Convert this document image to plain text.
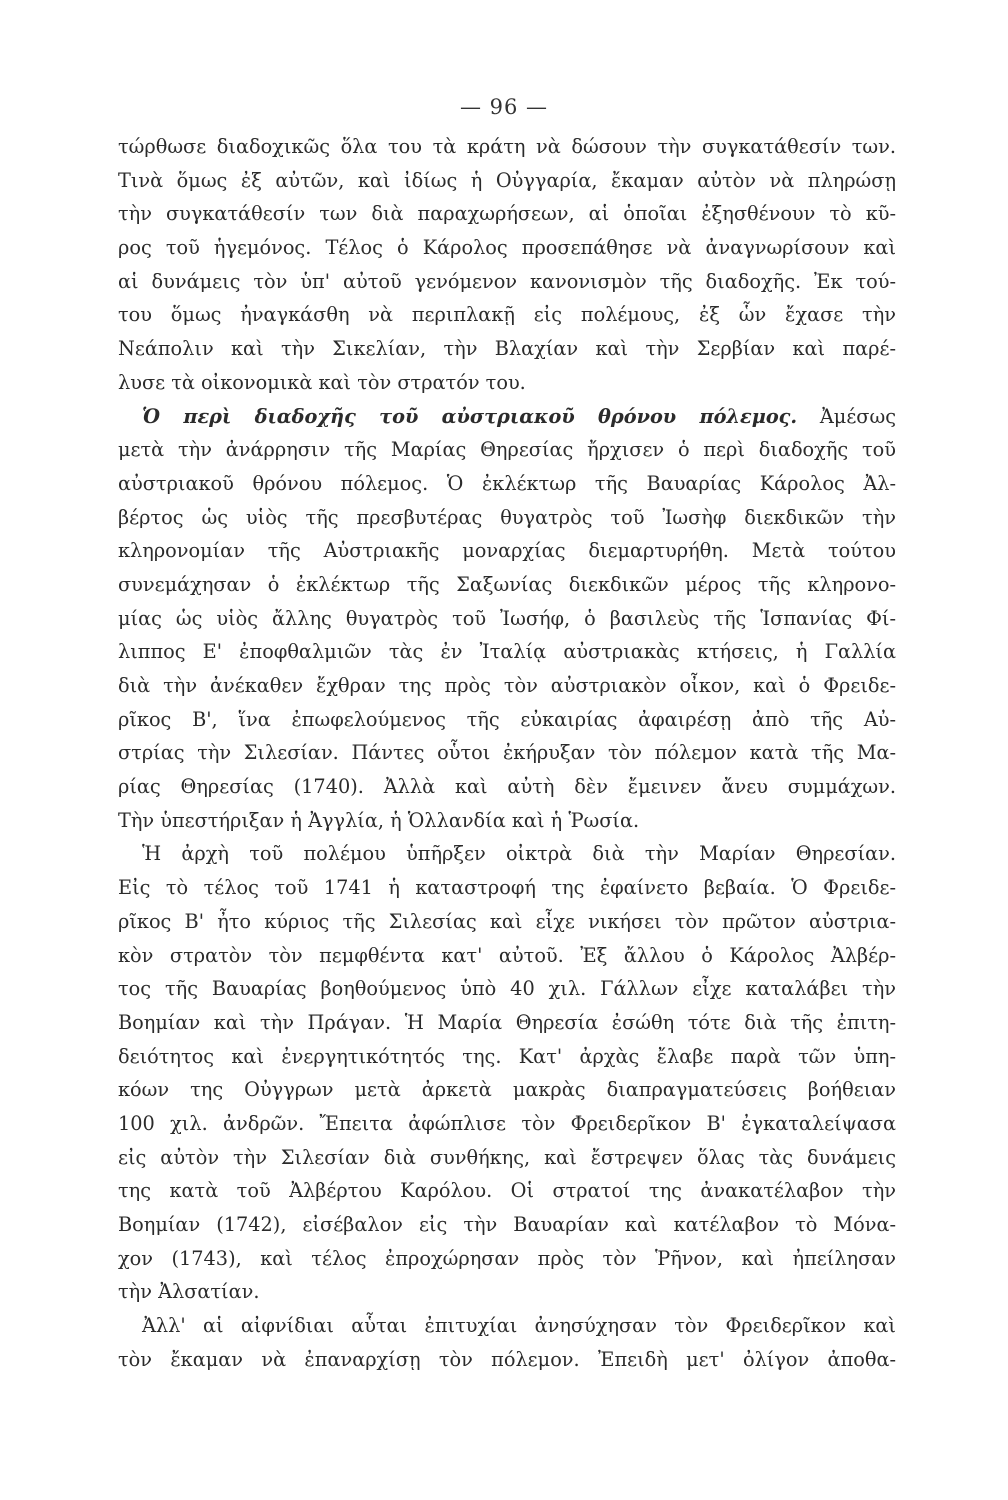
— 96 —
τώρθωσε διαδοχικῶς ὅλα του τὰ κράτη νὰ δώσουν τὴν συγκατάθεσίν των.
Τινὰ ὅμως ἐξ αὐτῶν, καὶ ἰδίως ἡ Οὐγγαρία, ἔκαμαν αὐτὸν νὰ πληρώσῃ
τὴν συγκατάθεσίν των διὰ παραχωρήσεων, αἱ ὁποῖαι ἐξησθένουν τὸ κῦ-
ρος τοῦ ἡγεμόνος. Τέλος ὁ Κάρολος προσεπάθησε νὰ ἀναγνωρίσουν καὶ
αἱ δυνάμεις τὸν ὑπ' αὐτοῦ γενόμενον κανονισμὸν τῆς διαδοχῆς. Ἐκ τού-
του ὅμως ἠναγκάσθη νὰ περιπλακῇ εἰς πολέμους, ἐξ ὧν ἔχασε τὴν
Νεάπολιν καὶ τὴν Σικελίαν, τὴν Βλαχίαν καὶ τὴν Σερβίαν καὶ παρέ-
λυσε τὰ οἰκονομικὰ καὶ τὸν στρατόν του.
Ὁ περὶ διαδοχῆς τοῦ αὐστριακοῦ θρόνου πόλεμος. Ἀμέσως
μετὰ τὴν ἀνάρρησιν τῆς Μαρίας Θηρεσίας ἤρχισεν ὁ περὶ διαδοχῆς τοῦ
αὐστριακοῦ θρόνου πόλεμος. Ὁ ἐκλέκτωρ τῆς Βαυαρίας Κάρολος Ἀλ-
βέρτος ὡς υἱὸς τῆς πρεσβυτέρας θυγατρὸς τοῦ Ἰωσὴφ διεκδικῶν τὴν
κληρονομίαν τῆς Αὐστριακῆς μοναρχίας διεμαρτυρήθη. Μετὰ τούτου
συνεμάχησαν ὁ ἐκλέκτωρ τῆς Σαξωνίας διεκδικῶν μέρος τῆς κληρονο-
μίας ὡς υἱὸς ἄλλης θυγατρὸς τοῦ Ἰωσήφ, ὁ βασιλεὺς τῆς Ἱσπανίας Φί-
λιππος Ε' ἐποφθαλμιῶν τὰς ἐν Ἰταλίᾳ αὐστριακὰς κτήσεις, ἡ Γαλλία
διὰ τὴν ἀνέκαθεν ἔχθραν της πρὸς τὸν αὐστριακὸν οἶκον, καὶ ὁ Φρειδε-
ρῖκος Β', ἵνα ἐπωφελούμενος τῆς εὐκαιρίας ἀφαιρέσῃ ἀπὸ τῆς Αὐ-
στρίας τὴν Σιλεσίαν. Πάντες οὗτοι ἐκήρυξαν τὸν πόλεμον κατὰ τῆς Μα-
ρίας Θηρεσίας (1740). Ἀλλὰ καὶ αὐτὴ δὲν ἔμεινεν ἄνευ συμμάχων.
Τὴν ὑπεστήριξαν ἡ Ἀγγλία, ἡ Ὁλλανδία καὶ ἡ Ῥωσία.
Ἡ ἀρχὴ τοῦ πολέμου ὑπῆρξεν οἰκτρὰ διὰ τὴν Μαρίαν Θηρεσίαν.
Εἰς τὸ τέλος τοῦ 1741 ἡ καταστροφή της ἐφαίνετο βεβαία. Ὁ Φρειδε-
ρῖκος Β' ἦτο κύριος τῆς Σιλεσίας καὶ εἶχε νικήσει τὸν πρῶτον αὐστρια-
κὸν στρατὸν τὸν πεμφθέντα κατ' αὐτοῦ. Ἐξ ἄλλου ὁ Κάρολος Ἀλβέρ-
τος τῆς Βαυαρίας βοηθούμενος ὑπὸ 40 χιλ. Γάλλων εἶχε καταλάβει τὴν
Βοημίαν καὶ τὴν Πράγαν. Ἡ Μαρία Θηρεσία ἐσώθη τότε διὰ τῆς ἐπιτη-
δειότητος καὶ ἐνεργητικότητός της. Κατ' ἀρχὰς ἔλαβε παρὰ τῶν ὑπη-
κόων της Οὐγγρων μετὰ ἀρκετὰ μακρὰς διαπραγματεύσεις βοήθειαν
100 χιλ. ἀνδρῶν. Ἔπειτα ἀφώπλισε τὸν Φρειδερῖκον Β' ἐγκαταλείψασα
εἰς αὐτὸν τὴν Σιλεσίαν διὰ συνθήκης, καὶ ἔστρεψεν ὅλας τὰς δυνάμεις
της κατὰ τοῦ Ἀλβέρτου Καρόλου. Οἱ στρατοί της ἀνακατέλαβον τὴν
Βοημίαν (1742), εἰσέβαλον εἰς τὴν Βαυαρίαν καὶ κατέλαβον τὸ Μόνα-
χον (1743), καὶ τέλος ἐπροχώρησαν πρὸς τὸν Ῥῆνον, καὶ ἠπείλησαν
τὴν Ἀλσατίαν.
Ἀλλ' αἱ αἰφνίδιαι αὗται ἐπιτυχίαι ἀνησύχησαν τὸν Φρειδερῖκον καὶ
τὸν ἔκαμαν νὰ ἐπαναρχίσῃ τὸν πόλεμον. Ἐπειδὴ μετ' ὀλίγον ἀποθα-
